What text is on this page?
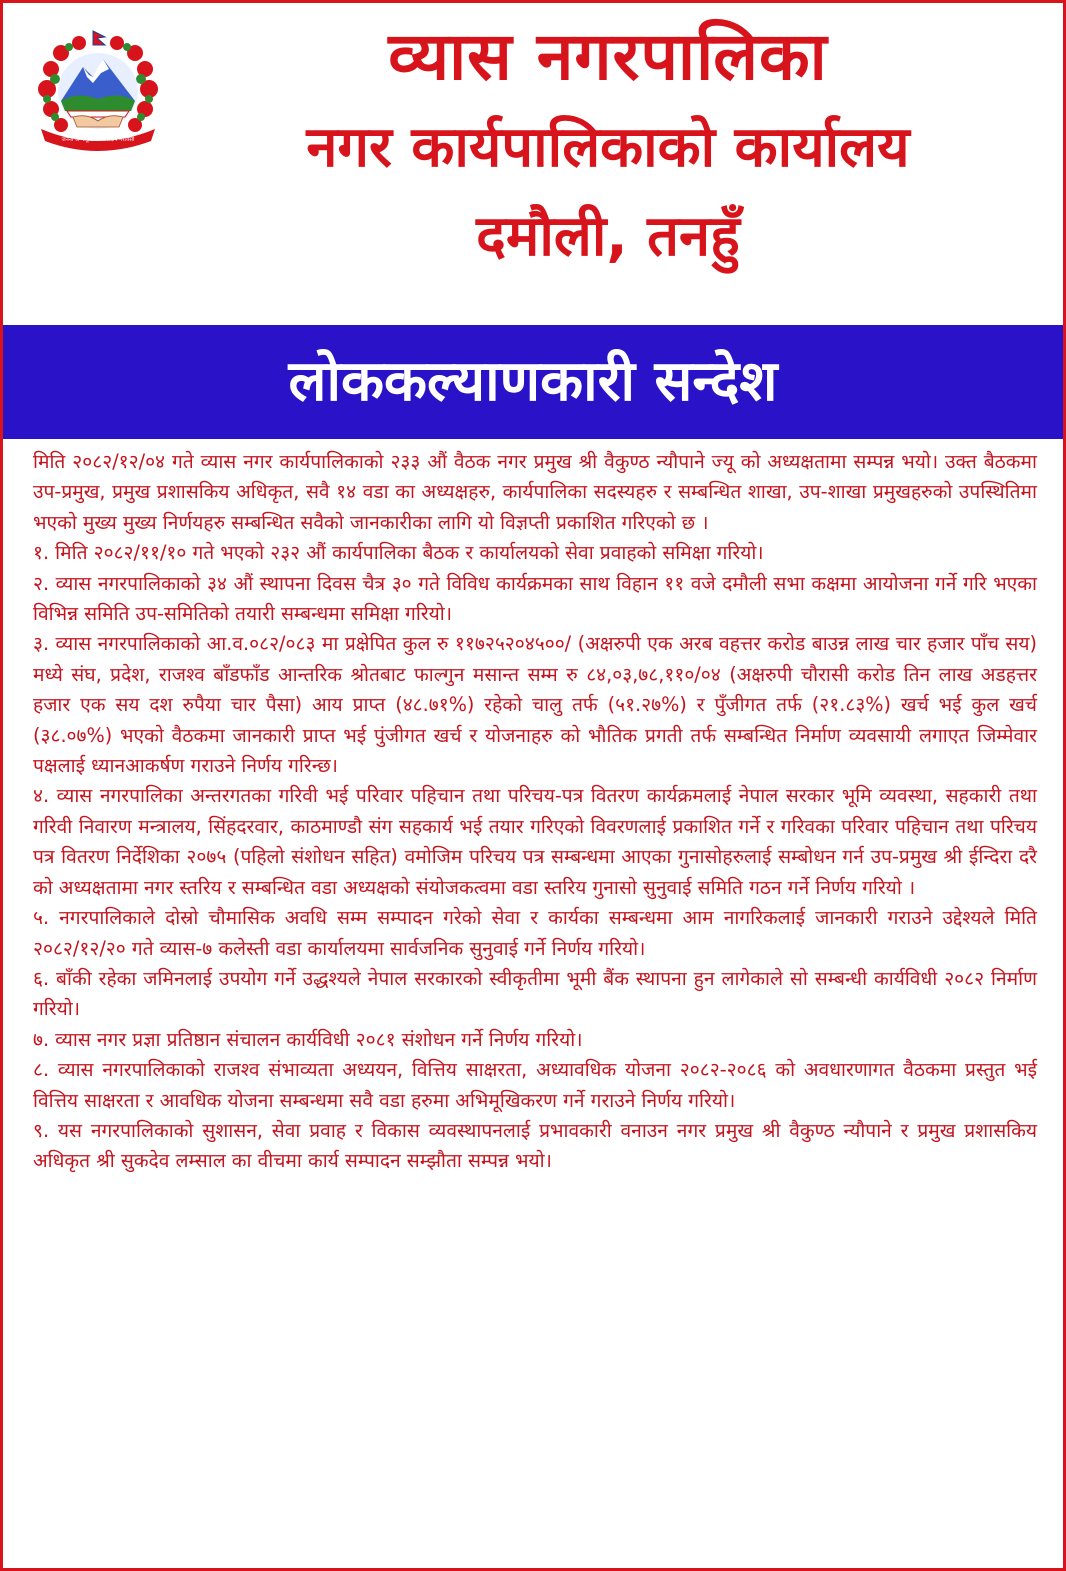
जननी जन्मभूमिश्च स्वर्गादपि गरीयसी
व्यास नगरपालिका
नगर कार्यपालिकाको कार्यालय
दमौली, तनहुँ
लोककल्याणकारी सन्देश

मिति २०८२/१२/०४ गते व्यास नगर कार्यपालिकाको २३३ औं वैठक नगर प्रमुख श्री वैकुण्ठ न्यौपाने ज्यू को अध्यक्षतामा सम्पन्न भयो। उक्त बैठकमा उप-प्रमुख, प्रमुख प्रशासकिय अधिकृत, सवै १४ वडा का अध्यक्षहरु, कार्यपालिका सदस्यहरु र सम्बन्धित शाखा, उप-शाखा प्रमुखहरुको उपस्थितिमा भएको मुख्य मुख्य निर्णयहरु सम्बन्धित सवैको जानकारीका लागि यो विज्ञप्ती प्रकाशित गरिएको छ ।

१. मिति २०८२/११/१० गते भएको २३२ औं कार्यपालिका बैठक र कार्यालयको सेवा प्रवाहको समिक्षा गरियो।

२. व्यास नगरपालिकाको ३४ औं स्थापना दिवस चैत्र ३० गते विविध कार्यक्रमका साथ विहान ११ वजे दमौली सभा कक्षमा आयोजना गर्ने गरि भएका विभिन्न समिति उप-समितिको तयारी सम्बन्धमा समिक्षा गरियो।

३. व्यास नगरपालिकाको आ.व.०८२/०८३ मा प्रक्षेपित कुल रु ११७२५२०४५००/ (अक्षरुपी एक अरब वहत्तर करोड बाउन्न लाख चार हजार पाँच सय) मध्ये संघ, प्रदेश, राजश्व बाँडफाँड आन्तरिक श्रोतबाट फाल्गुन मसान्त सम्म रु ८४,०३,७८,११०/०४ (अक्षरुपी चौरासी करोड तिन लाख अडहत्तर हजार एक सय दश रुपैया चार पैसा) आय प्राप्त (४८.७१%) रहेको चालु तर्फ (५१.२७%) र पुँजीगत तर्फ (२१.८३%) खर्च भई कुल खर्च (३८.०७%) भएको वैठकमा जानकारी प्राप्त भई पुंजीगत खर्च र योजनाहरु को भौतिक प्रगती तर्फ सम्बन्धित निर्माण व्यवसायी लगाएत जिम्मेवार पक्षलाई ध्यानआकर्षण गराउने निर्णय गरिन्छ।

४. व्यास नगरपालिका अन्तरगतका गरिवी भई परिवार पहिचान तथा परिचय-पत्र वितरण कार्यक्रमलाई नेपाल सरकार भूमि व्यवस्था, सहकारी तथा गरिवी निवारण मन्त्रालय, सिंहदरवार, काठमाण्डौ संग सहकार्य भई तयार गरिएको विवरणलाई प्रकाशित गर्ने र गरिवका परिवार पहिचान तथा परिचय पत्र वितरण निर्देशिका २०७५ (पहिलो संशोधन सहित) वमोजिम परिचय पत्र सम्बन्धमा आएका गुनासोहरुलाई सम्बोधन गर्न उप-प्रमुख श्री ईन्दिरा दरै को अध्यक्षतामा नगर स्तरिय र सम्बन्धित वडा अध्यक्षको संयोजकत्वमा वडा स्तरिय गुनासो सुनुवाई समिति गठन गर्ने निर्णय गरियो ।

५. नगरपालिकाले दोस्रो चौमासिक अवधि सम्म सम्पादन गरेको सेवा र कार्यका सम्बन्धमा आम नागरिकलाई जानकारी गराउने उद्देश्यले मिति २०८२/१२/२० गते व्यास-७ कलेस्ती वडा कार्यालयमा सार्वजनिक सुनुवाई गर्ने निर्णय गरियो।

६. बाँकी रहेका जमिनलाई उपयोग गर्ने उद्धश्यले नेपाल सरकारको स्वीकृतीमा भूमी बैंक स्थापना हुन लागेकाले सो सम्बन्धी कार्यविधी २०८२ निर्माण गरियो।

७. व्यास नगर प्रज्ञा प्रतिष्ठान संचालन कार्यविधी २०८१ संशोधन गर्ने निर्णय गरियो।

८. व्यास नगरपालिकाको राजश्व संभाव्यता अध्ययन, वित्तिय साक्षरता, अध्यावधिक योजना २०८२-२०८६ को अवधारणागत वैठकमा प्रस्तुत भई वित्तिय साक्षरता र आवधिक योजना सम्बन्धमा सवै वडा हरुमा अभिमूखिकरण गर्ने गराउने निर्णय गरियो।

९. यस नगरपालिकाको सुशासन, सेवा प्रवाह र विकास व्यवस्थापनलाई प्रभावकारी वनाउन नगर प्रमुख श्री वैकुण्ठ न्यौपाने र प्रमुख प्रशासकिय अधिकृत श्री सुकदेव लम्साल का वीचमा कार्य सम्पादन सम्झौता सम्पन्न भयो।
